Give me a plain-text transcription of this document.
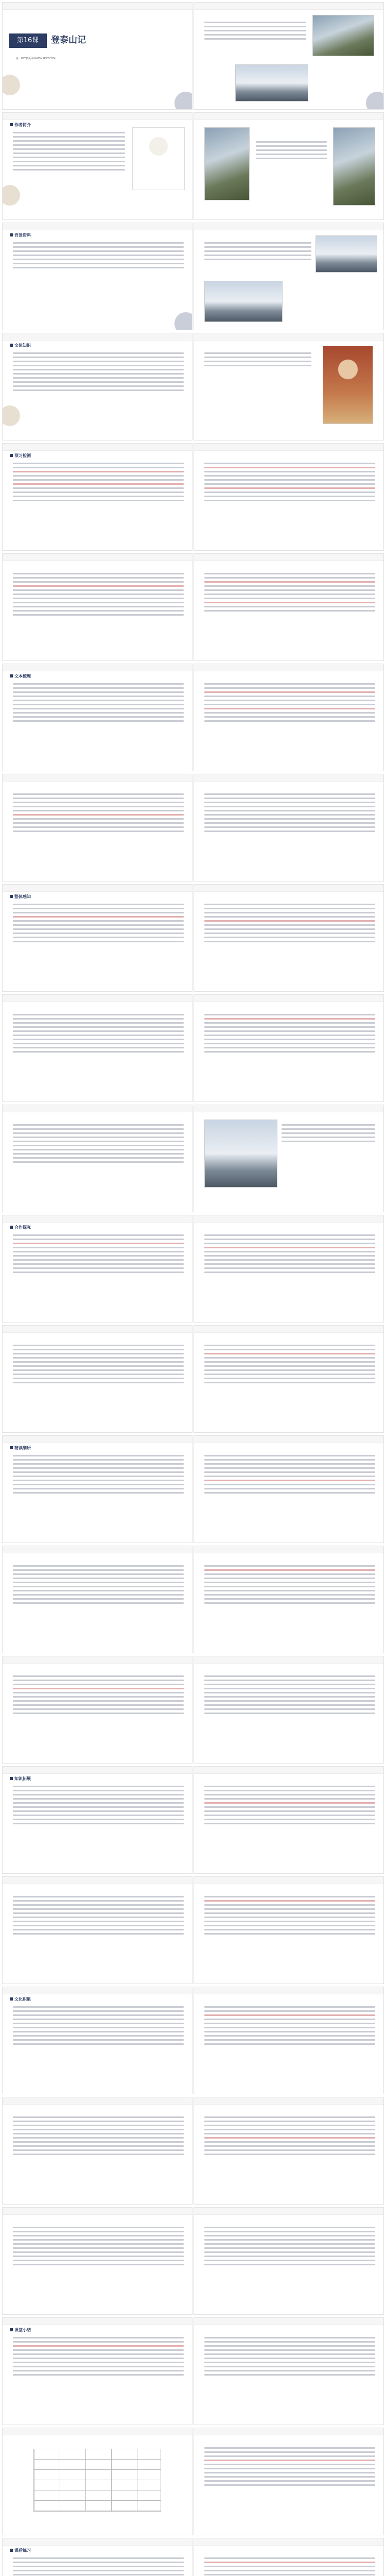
第16课	登泰山记
第一PPT模板网-WWW.1PPT.COM
作者简介
背景资料
文体知识
预习检测
文本梳理
整体感知
合作探究
精读细研
知识拓展
文化积累
课堂小结
课后练习
